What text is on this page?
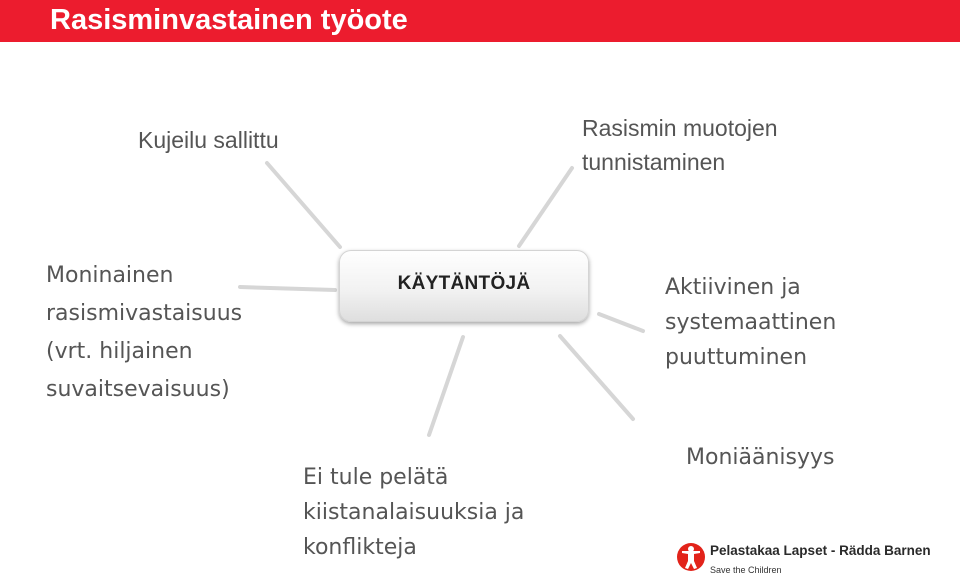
Rasisminvastainen työote
KÄYTÄNTÖJÄ
Kujeilu sallittu	Rasismin muotojen
tunnistaminen
Moninainen
rasismivastaisuus
(vrt. hiljainen
suvaitsevaisuus)
Aktiivinen ja
systemaattinen
puuttuminen
Ei tule pelätä
kiistanalaisuuksia ja
konflikteja
Moniäänisyys
Pelastakaa Lapset - Rädda Barnen
Save the Children
